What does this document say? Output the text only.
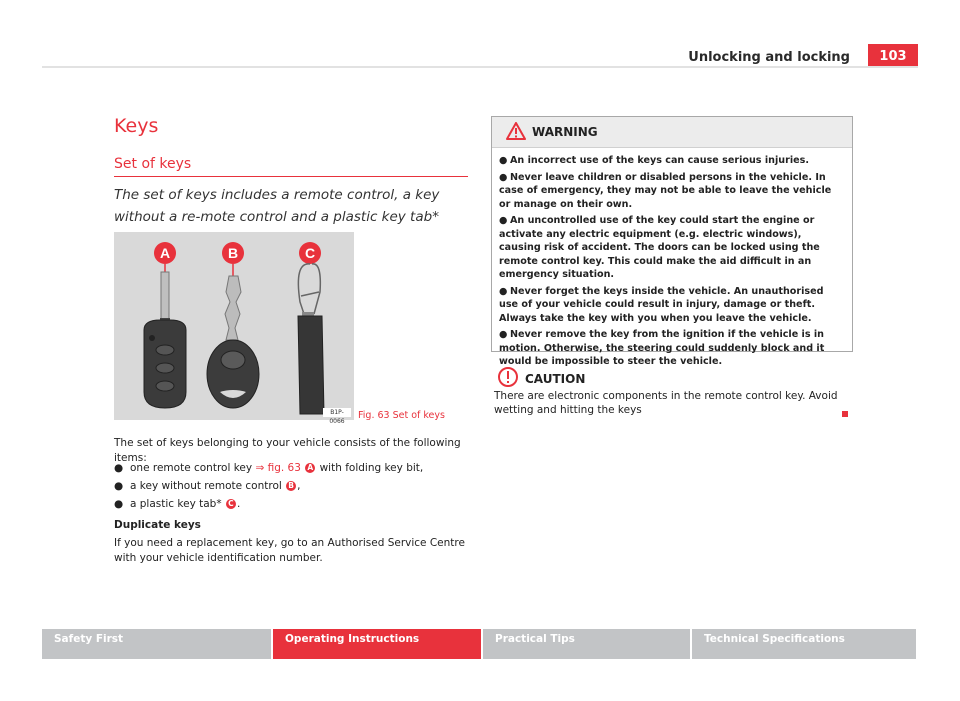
Unlocking and locking	103
Keys
Set of keys
The set of keys includes a remote control, a key without a re-mote control and a plastic key tab*
A	B	C
B1P-0066
Fig. 63 Set of keys
The set of keys belonging to your vehicle consists of the following items:
● one remote control key ⇒ fig. 63 A with folding key bit,
● a key without remote control B ,
● a plastic key tab* C .
Duplicate keys
If you need a replacement key, go to an Authorised Service Centre with your vehicle identification number.
WARNING
● An incorrect use of the keys can cause serious injuries.
● Never leave children or disabled persons in the vehicle. In case of emergency, they may not be able to leave the vehicle or manage on their own.
● An uncontrolled use of the key could start the engine or activate any electric equipment (e.g. electric windows), causing risk of accident. The doors can be locked using the remote control key. This could make the aid difficult in an emergency situation.
● Never forget the keys inside the vehicle. An unauthorised use of your vehicle could result in injury, damage or theft. Always take the key with you when you leave the vehicle.
● Never remove the key from the ignition if the vehicle is in motion. Otherwise, the steering could suddenly block and it would be impossible to steer the vehicle.
CAUTION
There are electronic components in the remote control key. Avoid wetting and hitting the keys
Safety First	Operating Instructions	Practical Tips	Technical Specifications
